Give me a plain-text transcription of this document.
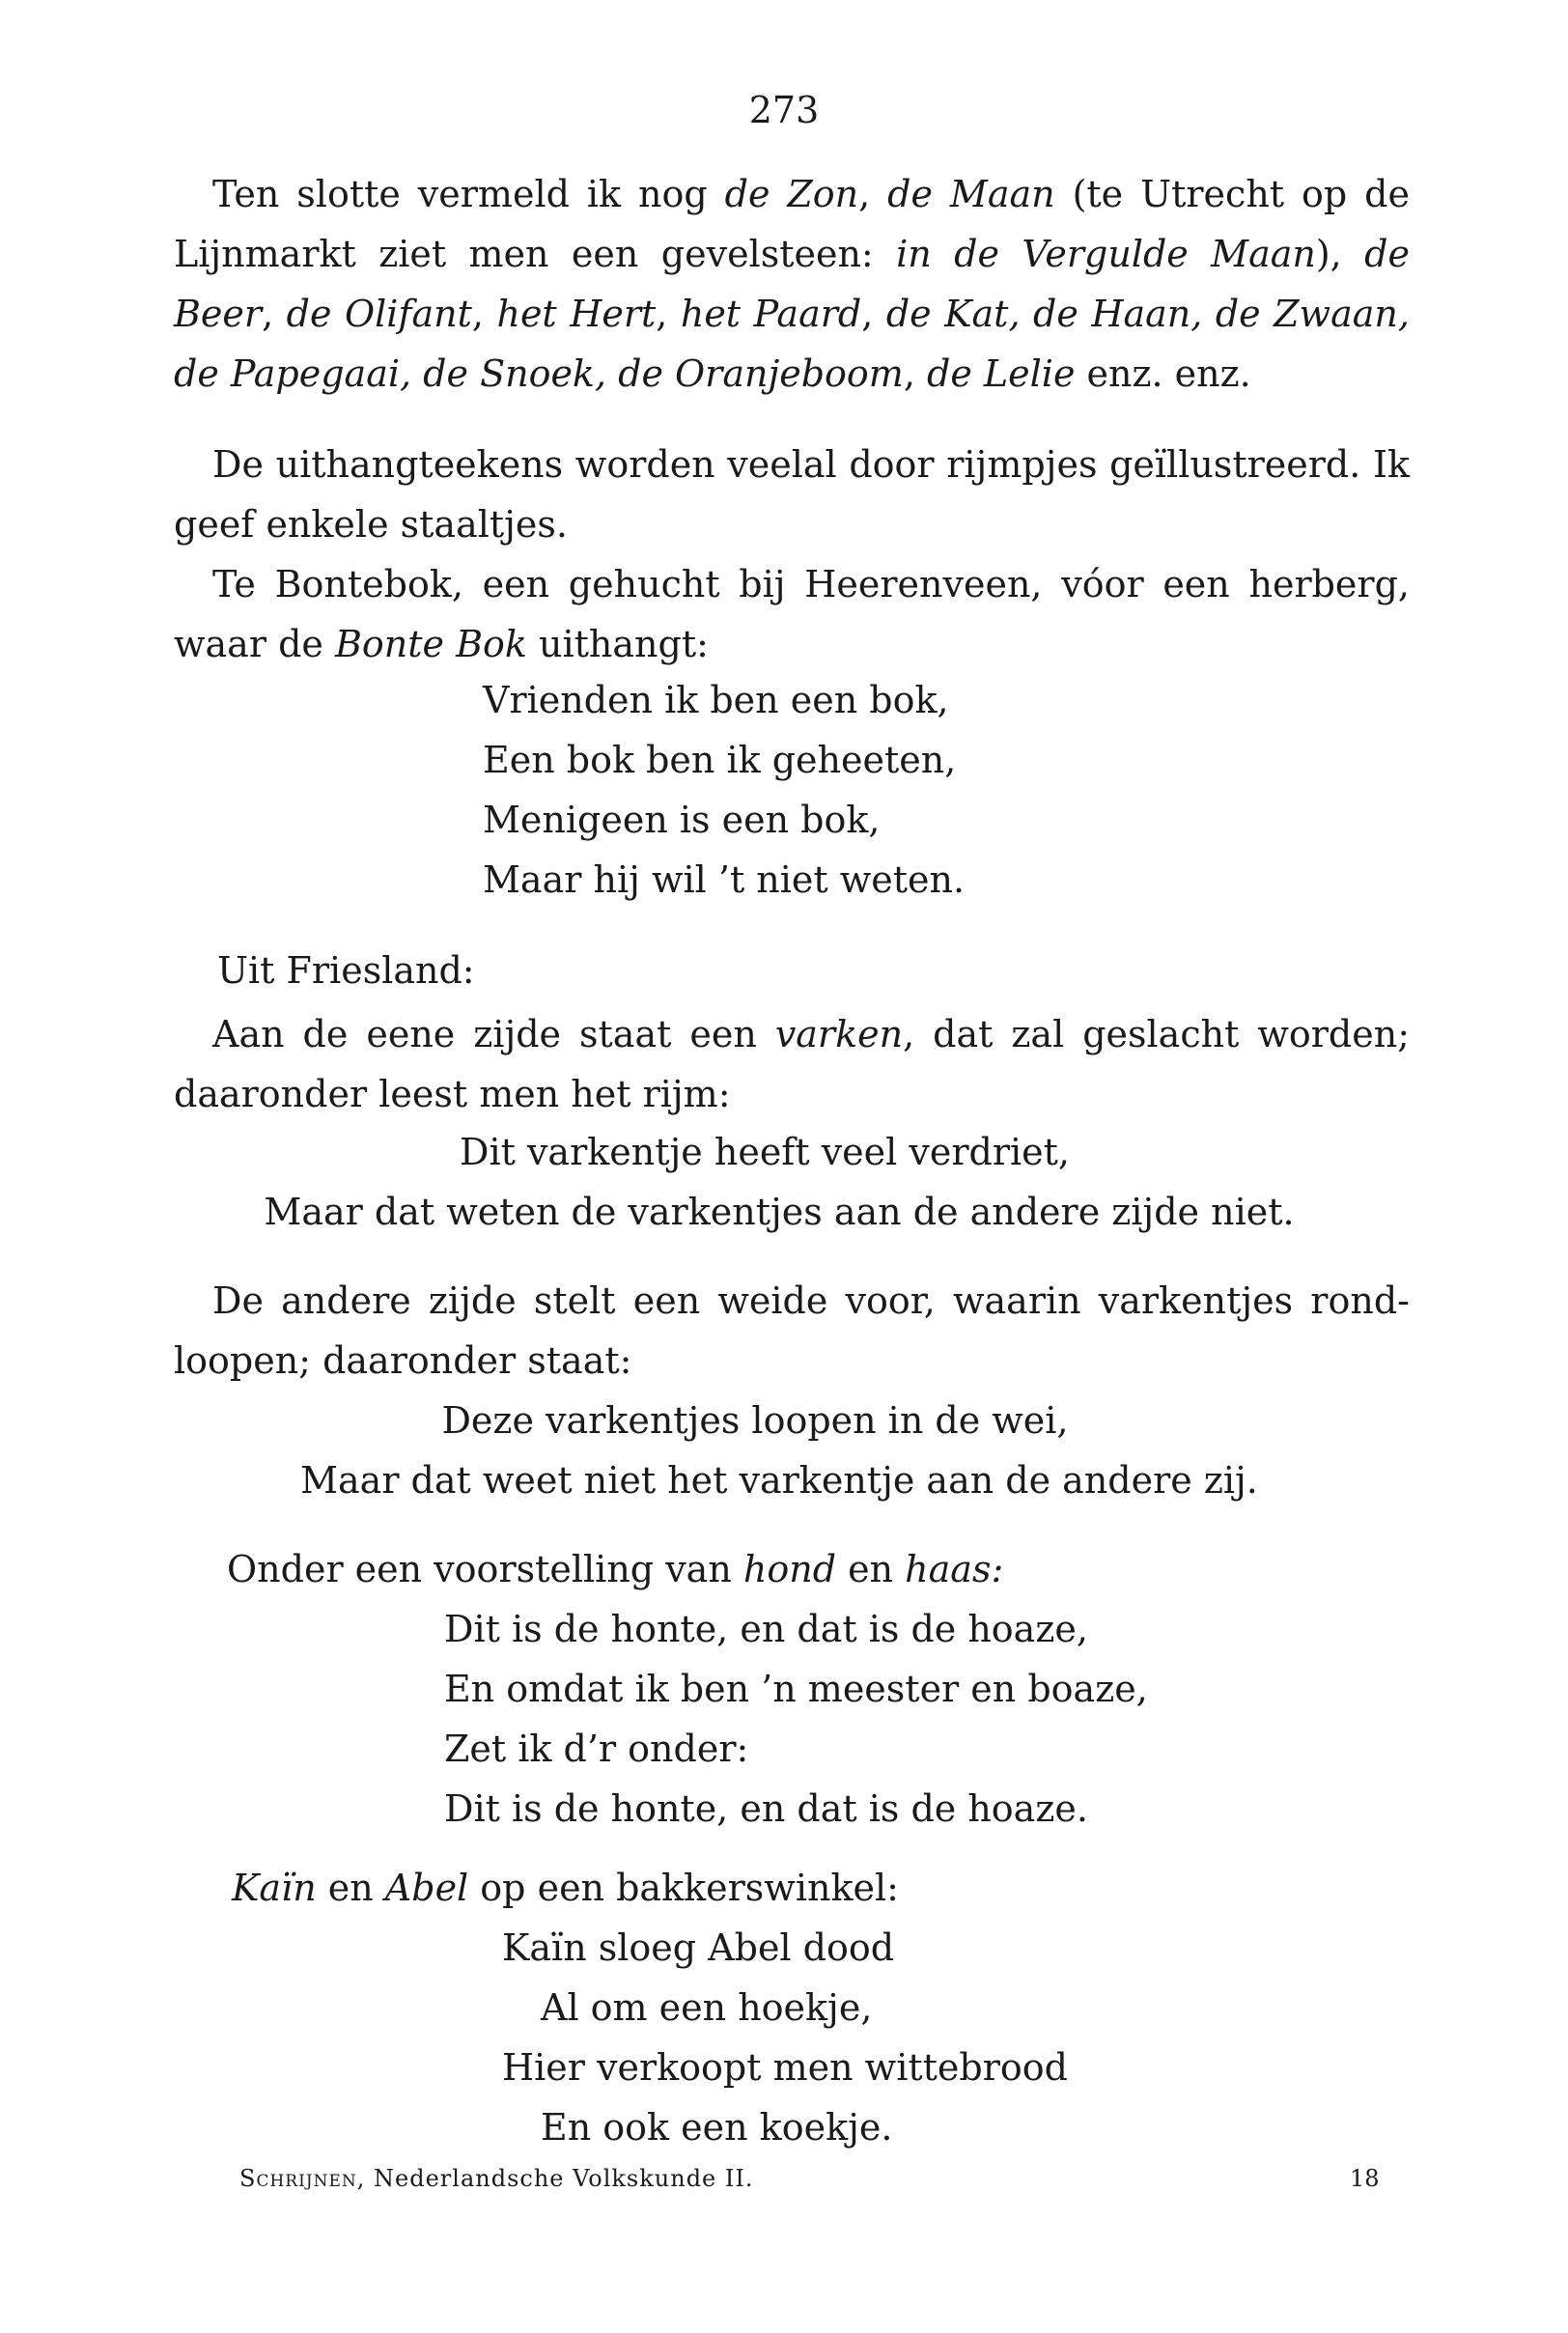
273
Ten slotte vermeld ik nog de Zon, de Maan (te Utrecht op de
Lijnmarkt ziet men een gevelsteen: in de Vergulde Maan), de
Beer, de Olifant, het Hert, het Paard, de Kat, de Haan, de Zwaan,
de Papegaai, de Snoek, de Oranjeboom, de Lelie enz. enz.
De uithangteekens worden veelal door rijmpjes geïllustreerd. Ik
geef enkele staaltjes.
Te Bontebok, een gehucht bij Heerenveen, vóor een herberg,
waar de Bonte Bok uithangt:
Vrienden ik ben een bok,
Een bok ben ik geheeten,
Menigeen is een bok,
Maar hij wil ’t niet weten.
Uit Friesland:
Aan de eene zijde staat een varken, dat zal geslacht worden;
daaronder leest men het rijm:
Dit varkentje heeft veel verdriet,
Maar dat weten de varkentjes aan de andere zijde niet.
De andere zijde stelt een weide voor, waarin varkentjes rond-
loopen; daaronder staat:
Deze varkentjes loopen in de wei,
Maar dat weet niet het varkentje aan de andere zij.
Onder een voorstelling van hond en haas:
Dit is de honte, en dat is de hoaze,
En omdat ik ben ’n meester en boaze,
Zet ik d’r onder:
Dit is de honte, en dat is de hoaze.
Kaïn en Abel op een bakkerswinkel:
Kaïn sloeg Abel dood
Al om een hoekje,
Hier verkoopt men wittebrood
En ook een koekje.
Schrijnen, Nederlandsche Volkskunde II.	18
